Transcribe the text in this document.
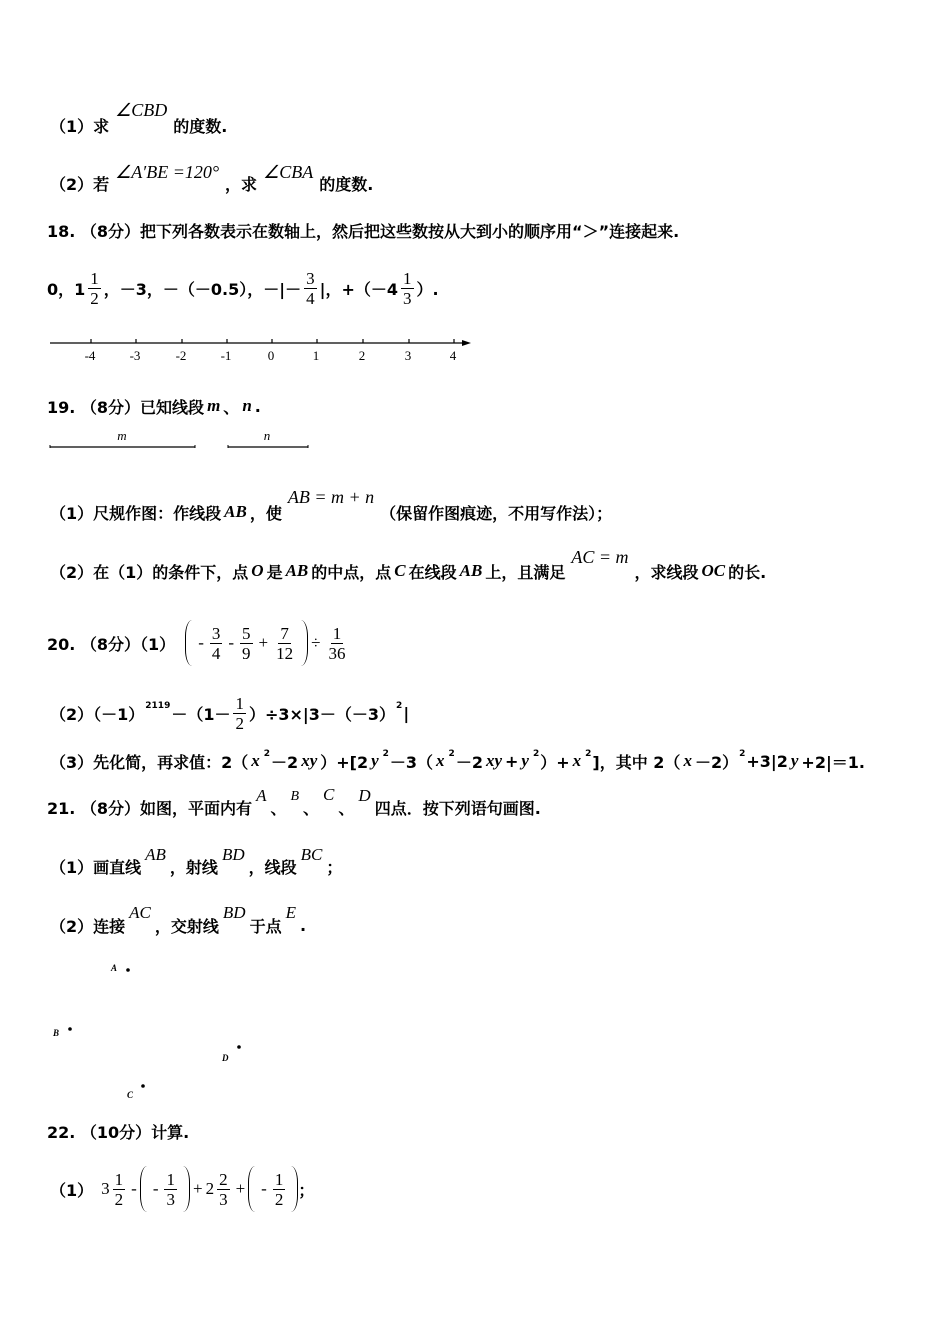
（1）求
∠CBD
的度数.
（2）若
∠A′BE =120°
，求
∠CBA
的度数.
18. （8分）把下列各数表示在数轴上，然后把这些数按从大到小的顺序用“＞”连接起来.
0，$1 \frac{1}{2}$ ，－3，－（－0.5），－|－ $\frac{3}{4}$ |，$+(-4 \frac{1}{3}$ ）.
-4	-3	-2	-1	0	1	2	3	4
19. （8分）已知线段 m 、 n .
m	n
（1）尺规作图：作线段 AB ，使
AB = m + n
（保留作图痕迹，不用写作法）；
（2）在（1）的条件下，点 O 是 AB 的中点，点 C 在线段 AB 上，且满足
AC = m
，求线段 OC 的长.
20. （8分）$(1) - \frac{3}{4} - \frac{5}{9} + \frac{7}{12} \div \frac{1}{36}$
（2）（－1） $2119 -(1- \frac{1}{2} )\div 3\times|3-(-3)$ 2 |
（3）先化简，再求值：2（ x 2 －2 xy ）+[2 y 2 －3（ x 2 －2 xy + y 2 ）+ x 2 ]，其中 2（ x －2） 2 +3|2 y +2|＝1.
21. （8分）如图，平面内有
A
、
B
、
C
、
D
四点．按下列语句画图.
（1）画直线
AB
，射线
BD
，线段
BC
；
（2）连接
AC
，交射线
BD
于点
E
.
A
B
D
C
22. （10分）计算.
（1） $3 \frac{1}{2}$ - - $\frac{1}{3} + 2 \frac{2}{3}$ + - $\frac{1}{2}$ ；
